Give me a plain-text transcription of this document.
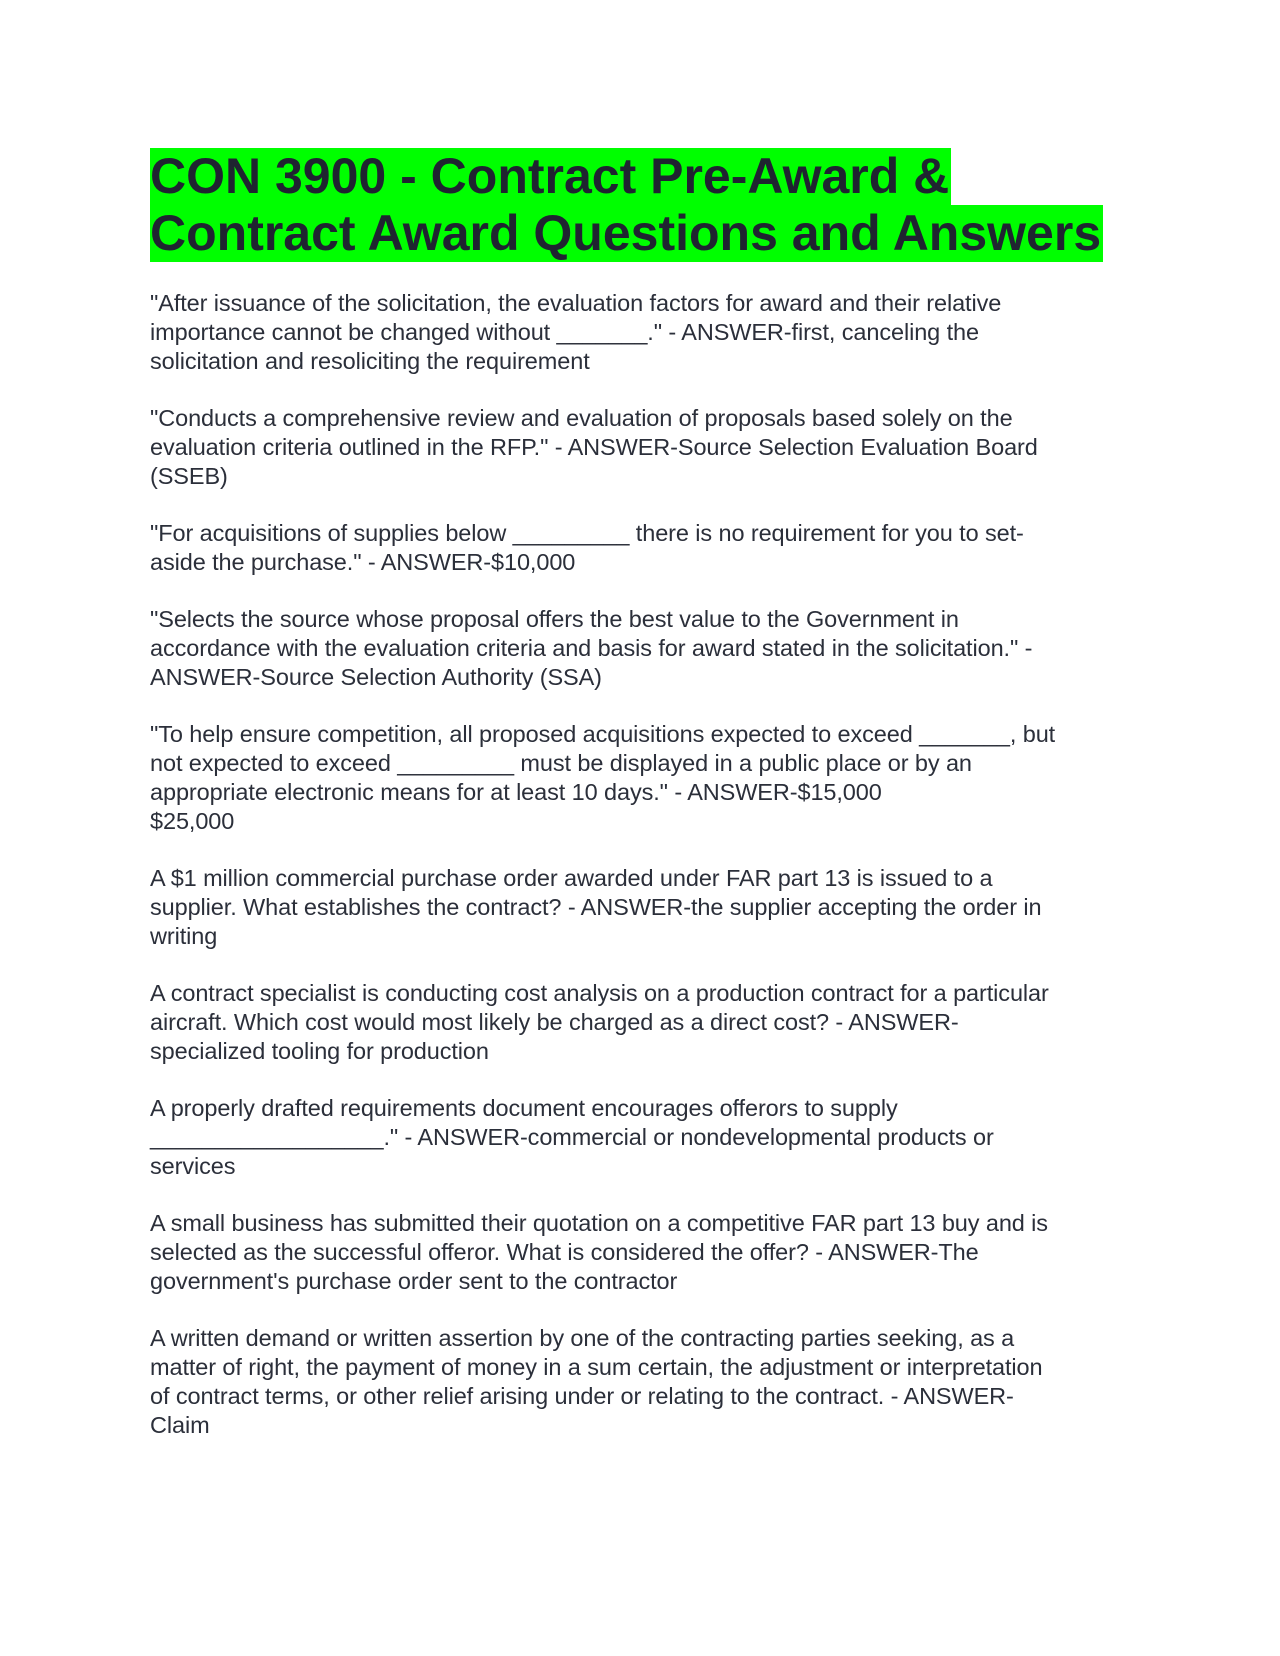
CON 3900 - Contract Pre-Award &
Contract Award Questions and Answers
"After issuance of the solicitation, the evaluation factors for award and their relative
importance cannot be changed without _______." - ANSWER-first, canceling the
solicitation and resoliciting the requirement
"Conducts a comprehensive review and evaluation of proposals based solely on the
evaluation criteria outlined in the RFP." - ANSWER-Source Selection Evaluation Board
(SSEB)
"For acquisitions of supplies below _________ there is no requirement for you to set-
aside the purchase." - ANSWER-$10,000
"Selects the source whose proposal offers the best value to the Government in
accordance with the evaluation criteria and basis for award stated in the solicitation." -
ANSWER-Source Selection Authority (SSA)
"To help ensure competition, all proposed acquisitions expected to exceed _______, but
not expected to exceed _________ must be displayed in a public place or by an
appropriate electronic means for at least 10 days." - ANSWER-$15,000
$25,000
A $1 million commercial purchase order awarded under FAR part 13 is issued to a
supplier. What establishes the contract? - ANSWER-the supplier accepting the order in
writing
A contract specialist is conducting cost analysis on a production contract for a particular
aircraft. Which cost would most likely be charged as a direct cost? - ANSWER-
specialized tooling for production
A properly drafted requirements document encourages offerors to supply
__________________." - ANSWER-commercial or nondevelopmental products or
services
A small business has submitted their quotation on a competitive FAR part 13 buy and is
selected as the successful offeror. What is considered the offer? - ANSWER-The
government's purchase order sent to the contractor
A written demand or written assertion by one of the contracting parties seeking, as a
matter of right, the payment of money in a sum certain, the adjustment or interpretation
of contract terms, or other relief arising under or relating to the contract. - ANSWER-
Claim
